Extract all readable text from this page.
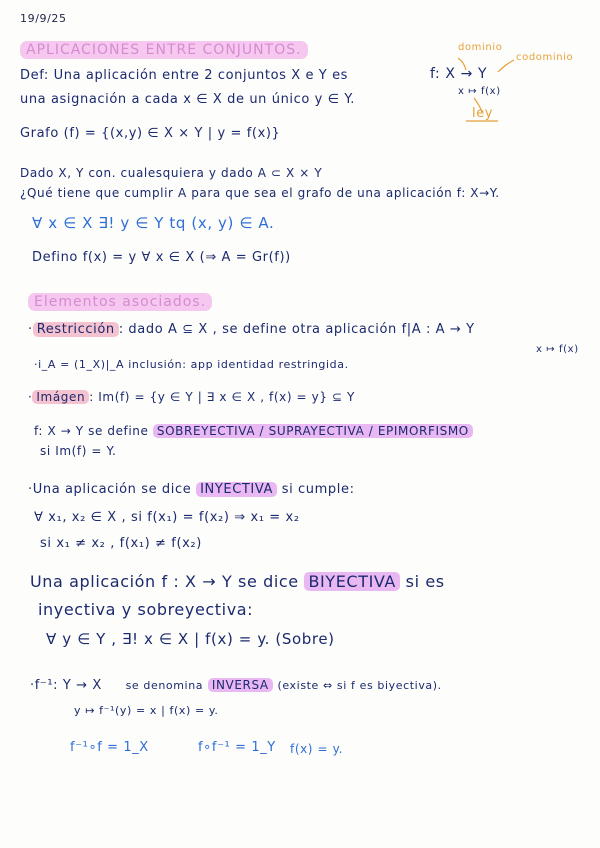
19/9/25
APLICACIONES ENTRE CONJUNTOS.	dominio
codominio
Def: Una aplicación entre 2 conjuntos X e Y es	f: X → Y
x ↦ f(x)
una asignación a cada x ∈ X de un único y ∈ Y.
ley
Grafo (f) = {(x,y) ∈ X × Y | y = f(x)}
Dado X, Y con. cualesquiera y dado A ⊂ X × Y
¿Qué tiene que cumplir A para que sea el grafo de una aplicación f: X→Y.
∀ x ∈ X ∃! y ∈ Y tq (x, y) ∈ A.
Defino f(x) = y ∀ x ∈ X (⇒ A = Gr(f))
Elementos asociados.
· Restricción : dado A ⊆ X , se define otra aplicación f|A : A → Y
x ↦ f(x)
·i_A = (1_X)|_A inclusión: app identidad restringida.
· Imágen : Im(f) = {y ∈ Y | ∃ x ∈ X , f(x) = y} ⊆ Y
f: X → Y se define SOBREYECTIVA / SUPRAYECTIVA / EPIMORFISMO
si Im(f) = Y.
·Una aplicación se dice INYECTIVA si cumple:
∀ x₁, x₂ ∈ X , si f(x₁) = f(x₂) ⇒ x₁ = x₂
si x₁ ≠ x₂ , f(x₁) ≠ f(x₂)
Una aplicación f : X → Y se dice BIYECTIVA si es
inyectiva y sobreyectiva:
∀ y ∈ Y , ∃! x ∈ X | f(x) = y. (Sobre)
·f⁻¹: Y → X se denomina INVERSA (existe ⇔ si f es biyectiva).
y ↦ f⁻¹(y) = x | f(x) = y.
f⁻¹∘f = 1_X	f∘f⁻¹ = 1_Y f(x) = y.
